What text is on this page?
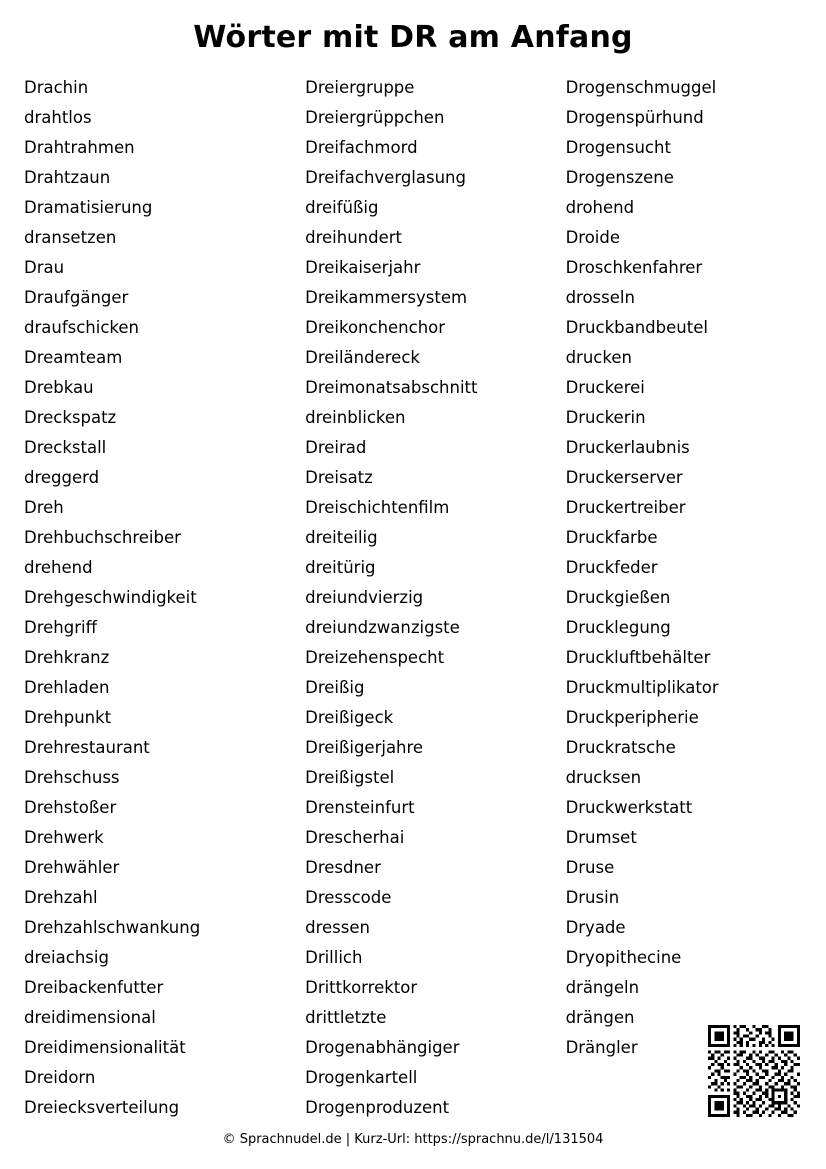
Wörter mit DR am Anfang
Drachin
drahtlos
Drahtrahmen
Drahtzaun
Dramatisierung
dransetzen
Drau
Draufgänger
draufschicken
Dreamteam
Drebkau
Dreckspatz
Dreckstall
dreggerd
Dreh
Drehbuchschreiber
drehend
Drehgeschwindigkeit
Drehgriff
Drehkranz
Drehladen
Drehpunkt
Drehrestaurant
Drehschuss
Drehstoßer
Drehwerk
Drehwähler
Drehzahl
Drehzahlschwankung
dreiachsig
Dreibackenfutter
dreidimensional
Dreidimensionalität
Dreidorn
Dreiecksverteilung
Dreiergruppe
Dreiergrüppchen
Dreifachmord
Dreifachverglasung
dreifüßig
dreihundert
Dreikaiserjahr
Dreikammersystem
Dreikonchenchor
Dreiländereck
Dreimonatsabschnitt
dreinblicken
Dreirad
Dreisatz
Dreischichtenfilm
dreiteilig
dreitürig
dreiundvierzig
dreiundzwanzigste
Dreizehenspecht
Dreißig
Dreißigeck
Dreißigerjahre
Dreißigstel
Drensteinfurt
Drescherhai
Dresdner
Dresscode
dressen
Drillich
Drittkorrektor
drittletzte
Drogenabhängiger
Drogenkartell
Drogenproduzent
Drogenschmuggel
Drogenspürhund
Drogensucht
Drogenszene
drohend
Droide
Droschkenfahrer
drosseln
Druckbandbeutel
drucken
Druckerei
Druckerin
Druckerlaubnis
Druckerserver
Druckertreiber
Druckfarbe
Druckfeder
Druckgießen
Drucklegung
Druckluftbehälter
Druckmultiplikator
Druckperipherie
Druckratsche
drucksen
Druckwerkstatt
Drumset
Druse
Drusin
Dryade
Dryopithecine
drängeln
drängen
Drängler
© Sprachnudel.de | Kurz-Url: https://sprachnu.de/l/131504
